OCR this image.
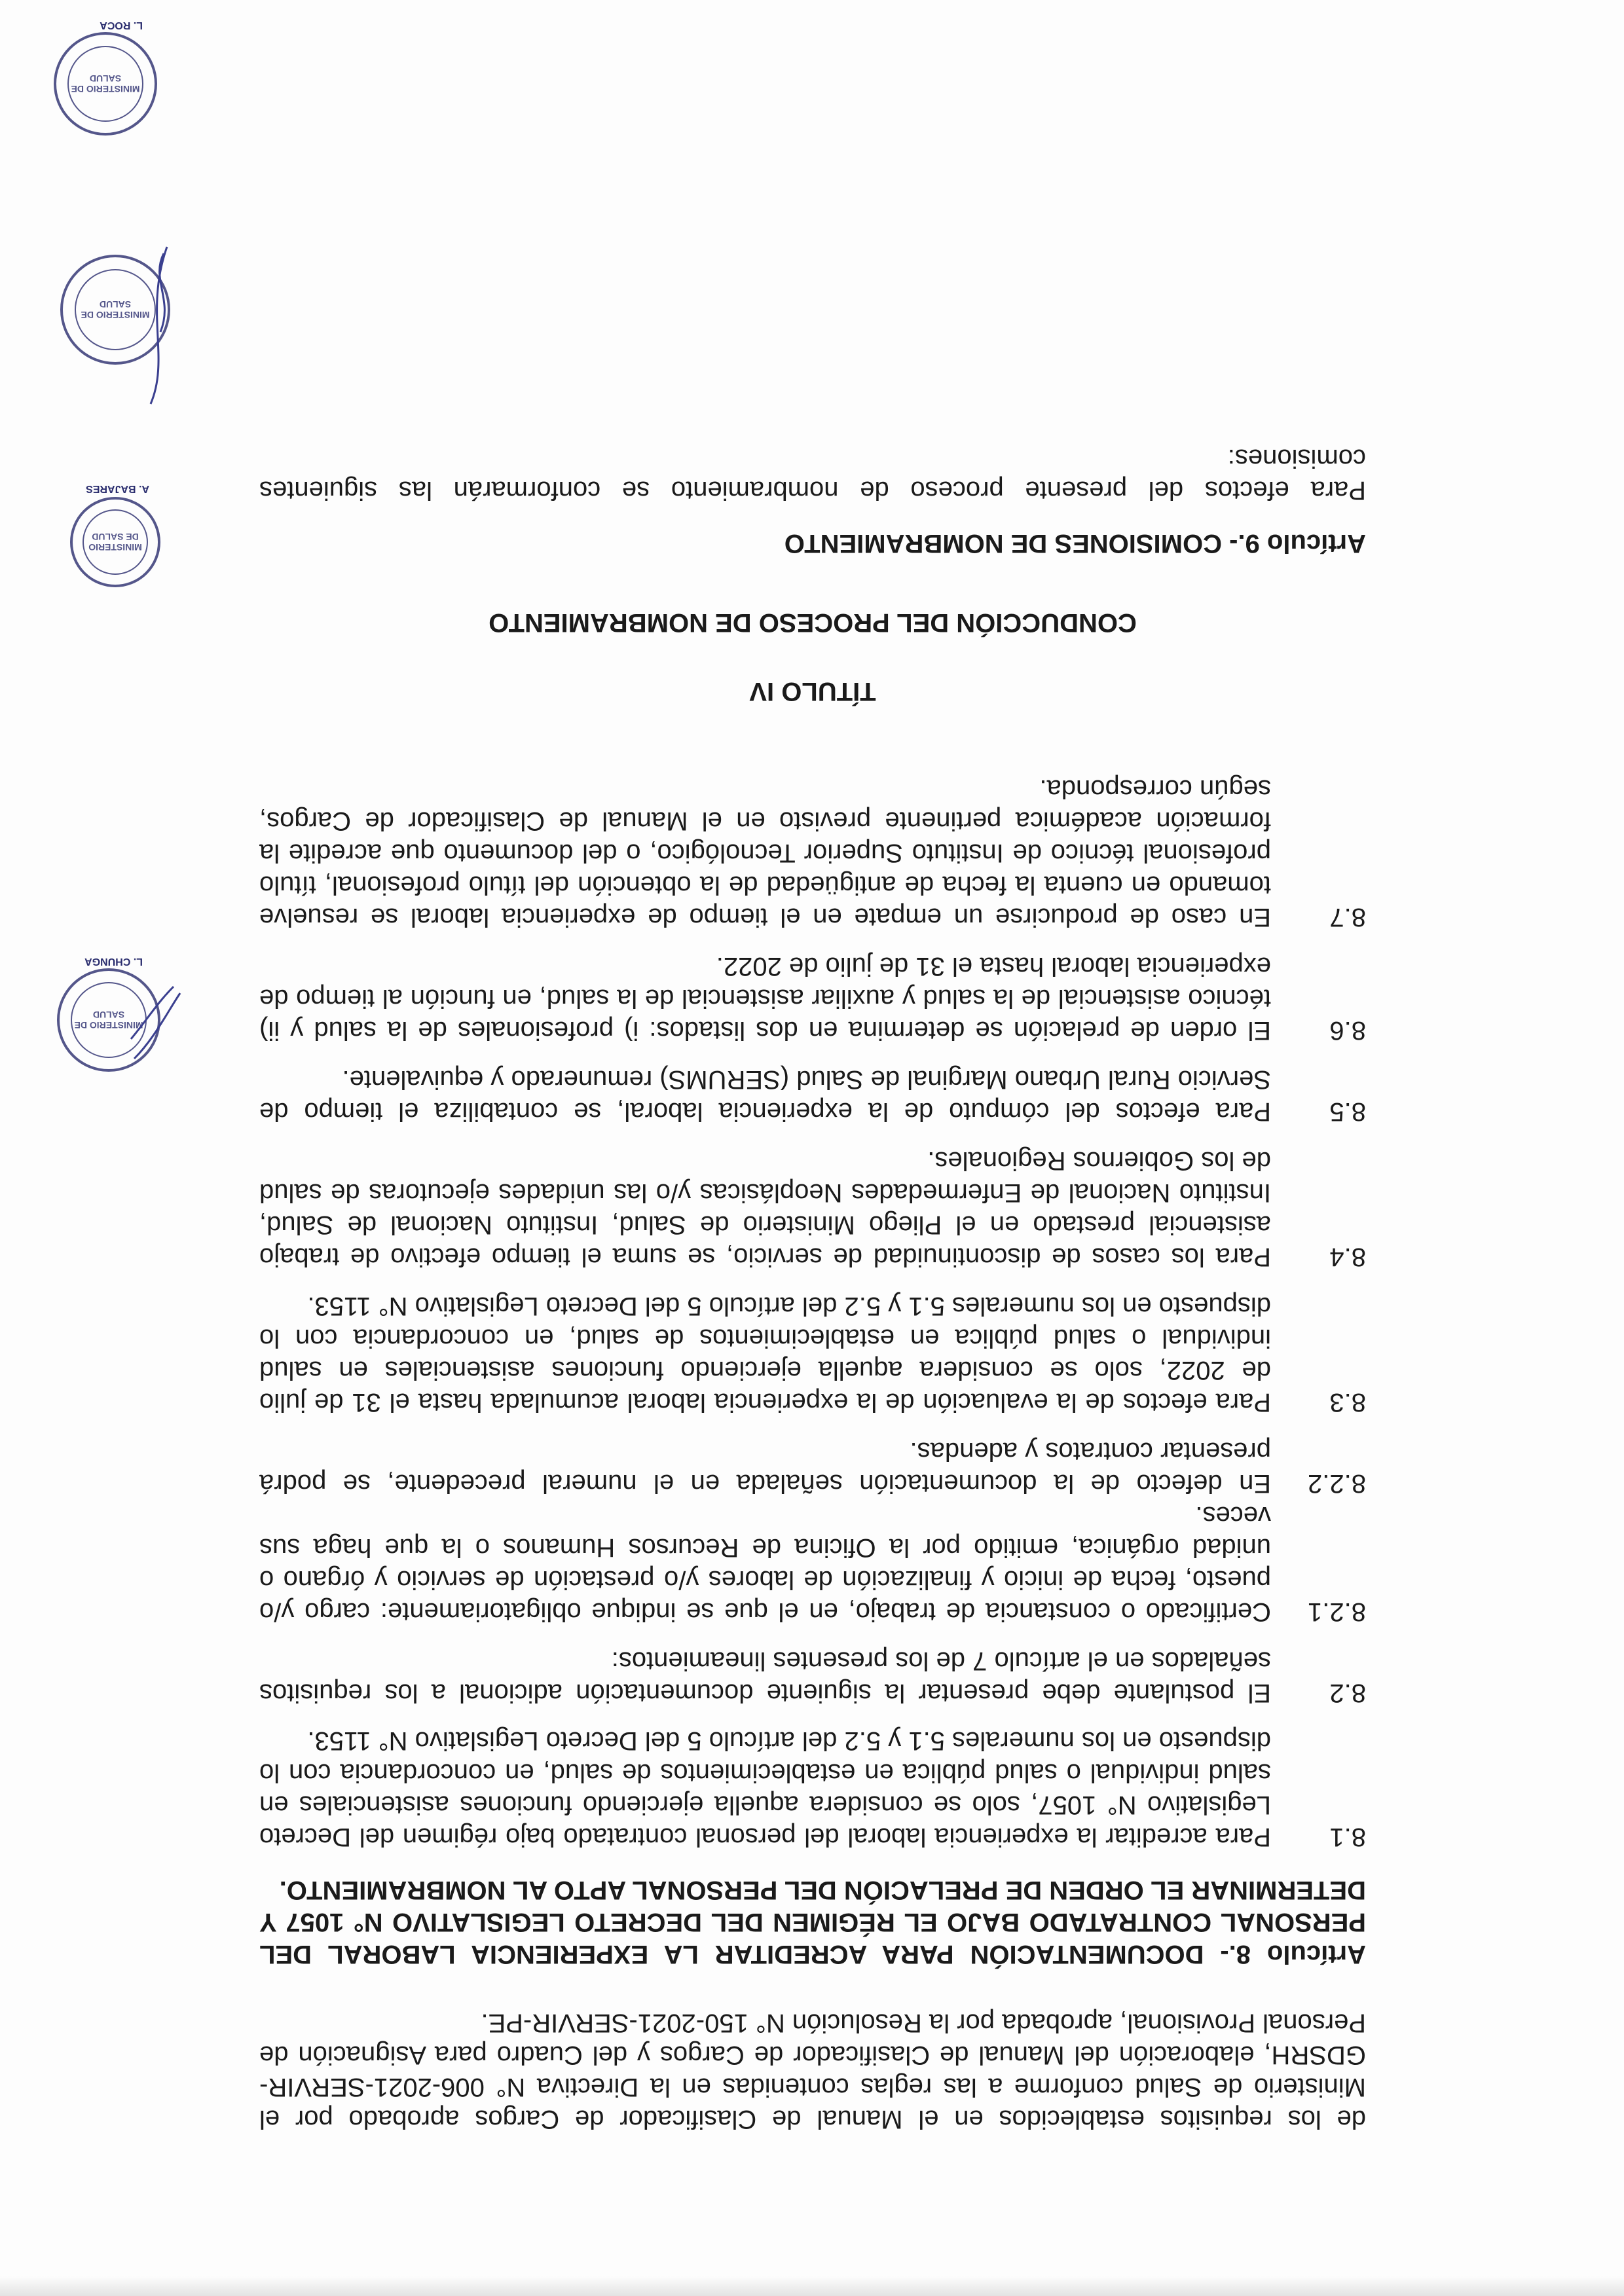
de los requisitos establecidos en el Manual de Clasificador de Cargos aprobado por el Ministerio de Salud conforme a las reglas contenidas en la Directiva N° 006-2021-SERVIR-GDSRH, elaboración del Manual de Clasificador de Cargos y del Cuadro para Asignación de Personal Provisional, aprobada por la Resolución N° 150-2021-SERVIR-PE.

Artículo 8.- DOCUMENTACIÓN PARA ACREDITAR LA EXPERIENCIA LABORAL DEL PERSONAL CONTRATADO BAJO EL RÉGIMEN DEL DECRETO LEGISLATIVO N° 1057 Y DETERMINAR EL ORDEN DE PRELACIÓN DEL PERSONAL APTO AL NOMBRAMIENTO.

8.1
Para acreditar la experiencia laboral del personal contratado bajo régimen del Decreto Legislativo N° 1057, solo se considera aquella ejerciendo funciones asistenciales en salud individual o salud pública en establecimientos de salud, en concordancia con lo dispuesto en los numerales 5.1 y 5.2 del artículo 5 del Decreto Legislativo N° 1153.
8.2
El postulante debe presentar la siguiente documentación adicional a los requisitos señalados en el artículo 7 de los presentes lineamientos:
8.2.1
Certificado o constancia de trabajo, en el que se indique obligatoriamente: cargo y/o puesto, fecha de inicio y finalización de labores y/o prestación de servicio y órgano o unidad orgánica, emitido por la Oficina de Recursos Humanos o la que haga sus veces.
8.2.2
En defecto de la documentación señalada en el numeral precedente, se podrá presentar contratos y adendas.
8.3
Para efectos de la evaluación de la experiencia laboral acumulada hasta el 31 de julio de 2022, solo se considera aquella ejerciendo funciones asistenciales en salud individual o salud pública en establecimientos de salud, en concordancia con lo dispuesto en los numerales 5.1 y 5.2 del artículo 5 del Decreto Legislativo N° 1153.
8.4
Para los casos de discontinuidad de servicio, se suma el tiempo efectivo de trabajo asistencial prestado en el Pliego Ministerio de Salud, Instituto Nacional de Salud, Instituto Nacional de Enfermedades Neoplásicas y/o las unidades ejecutoras de salud de los Gobiernos Regionales.
8.5
Para efectos del cómputo de la experiencia laboral, se contabiliza el tiempo de Servicio Rural Urbano Marginal de Salud (SERUMS) remunerado y equivalente.
8.6
El orden de prelación se determina en dos listados: i) profesionales de la salud y ii) técnico asistencial de la salud y auxiliar asistencial de la salud, en función al tiempo de experiencia laboral hasta el 31 de julio de 2022.
8.7
En caso de producirse un empate en el tiempo de experiencia laboral se resuelve tomando en cuenta la fecha de antigüedad de la obtención del título profesional, título profesional técnico de Instituto Superior Tecnológico, o del documento que acredite la formación académica pertinente previsto en el Manual de Clasificador de Cargos, según corresponda.

TÍTULO IV

CONDUCCIÓN DEL PROCESO DE NOMBRAMIENTO

Artículo 9.- COMISIONES DE NOMBRAMIENTO

Para efectos del presente proceso de nombramiento se conformarán las siguientes comisiones:

MINISTERIO DE SALUD
L. CHUNGA
MINISTERIO DE SALUD
A. BAJARES
MINISTERIO DE SALUD
MINISTERIO DE SALUD
L. ROCA
